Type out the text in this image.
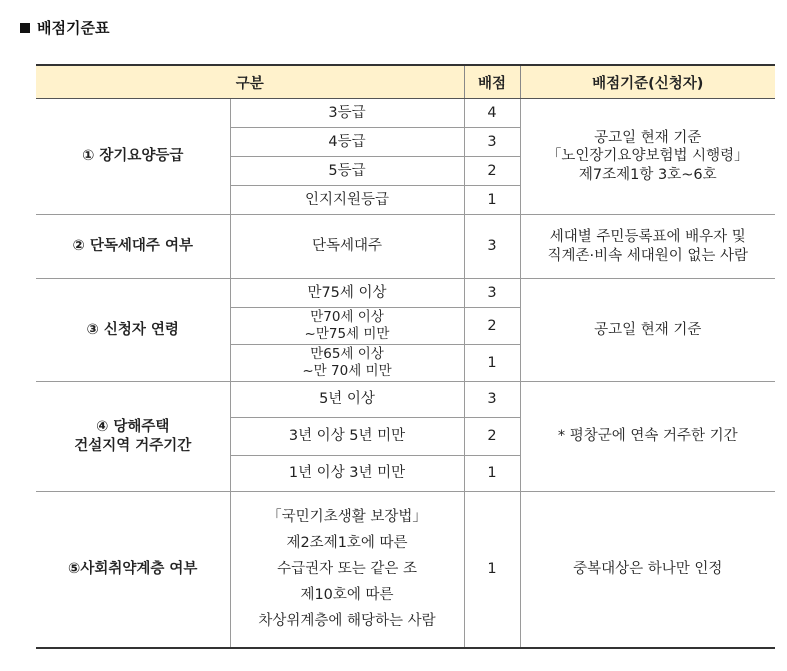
배점기준표
구분		배점	배점기준(신청자)
① 장기요양등급	3등급	4	공고일 현재 기준
「노인장기요양보험법 시행령」
제7조제1항 3호~6호

	4등급	3	
	5등급	2	
	인지지원등급	1	
② 단독세대주 여부	단독세대주	3	세대별 주민등록표에 배우자 및
직계존·비속 세대원이 없는 사람

③ 신청자 연령	만75세 이상	3	공고일 현재 기준

	만70세 이상
~만75세 미만	2	

	만65세 이상
~만 70세 미만	1	

④ 당해주택
건설지역 거주기간	5년 이상	3	* 평창군에 연속 거주한 기간
	3년 이상 5년 미만	2	
	1년 이상 3년 미만	1	
⑤사회취약계층 여부	「국민기초생활 보장법」
제2조제1호에 따른
수급권자 또는 같은 조
제10호에 따른
차상위계층에 해당하는 사람	1	중복대상은 하나만 인정
